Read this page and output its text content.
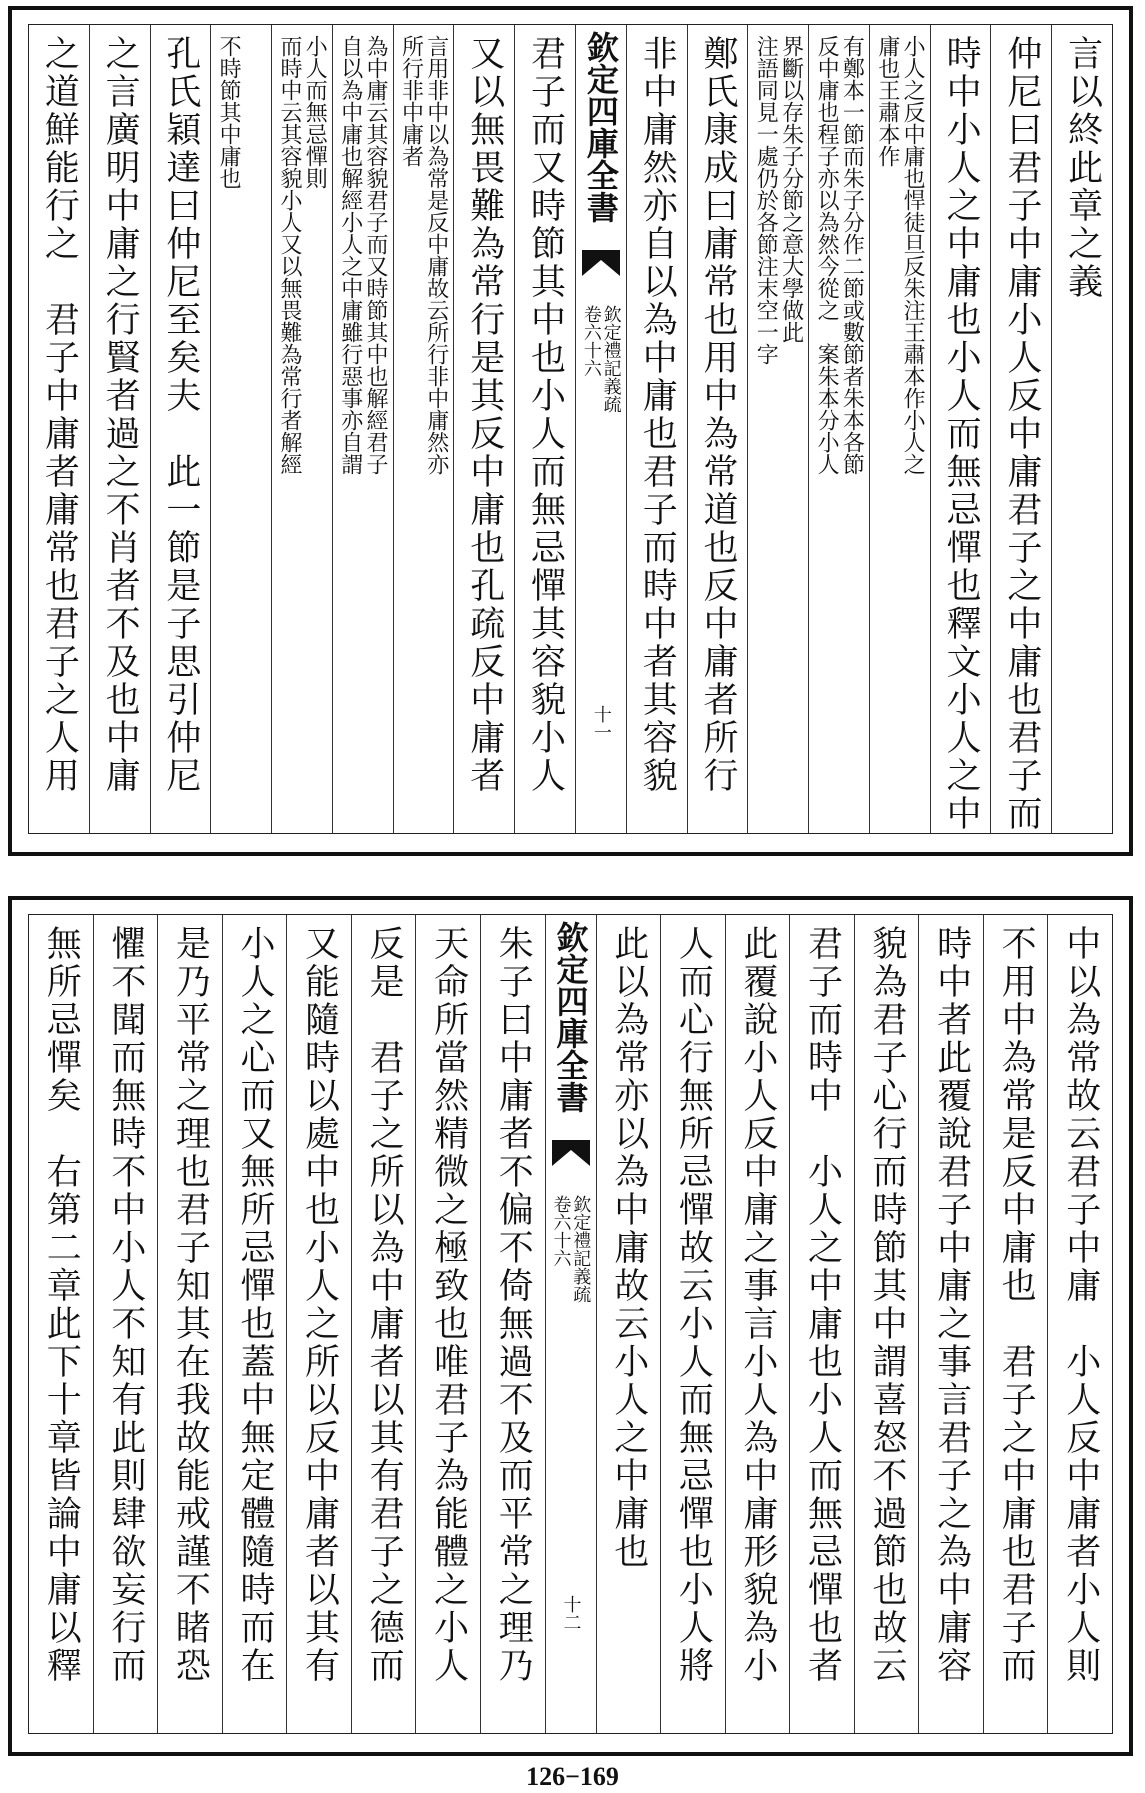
言以終此章之義
仲尼曰君子中庸小人反中庸君子之中庸也君子而
時中小人之中庸也小人而無忌憚也釋文小人之中
庸也王肅本作 小人之反中庸也悍徒旦反朱注王肅本作小人之
反中庸也程子亦以為然今從之　案朱本分小人 有鄭本一節而朱子分作二節或數節者朱本各節
注語同見一處仍於各節注末空一字 界斷以存朱子分節之意大學做此
鄭氏康成曰庸常也用中為常道也反中庸者所行
非中庸然亦自以為中庸也君子而時中者其容貌
欽定四庫全書
欽定禮記義疏
卷六十六
十一
君子而又時節其中也小人而無忌憚其容貌小人
又以無畏難為常行是其反中庸也孔疏反中庸者
所行非中庸者 言用非中以為常是反中庸故云所行非中庸然亦
自以為中庸也解經小人之中庸雖行惡事亦自謂 為中庸云其容貌君子而又時節其中也解經君子
而時中云其容貌小人又以無畏難為常行者解經 小人而無忌憚則
不時節其中庸也
孔氏穎達曰仲尼至矣夫　此一節是子思引仲尼
之言廣明中庸之行賢者過之不肖者不及也中庸
之道鮮能行之　君子中庸者庸常也君子之人用
中以為常故云君子中庸　小人反中庸者小人則
不用中為常是反中庸也　君子之中庸也君子而
時中者此覆說君子中庸之事言君子之為中庸容
貌為君子心行而時節其中謂喜怒不過節也故云
君子而時中　小人之中庸也小人而無忌憚也者
此覆說小人反中庸之事言小人為中庸形貌為小
人而心行無所忌憚故云小人而無忌憚也小人將
此以為常亦以為中庸故云小人之中庸也
欽定四庫全書
欽定禮記義疏
卷六十六
十二
朱子曰中庸者不偏不倚無過不及而平常之理乃
天命所當然精微之極致也唯君子為能體之小人
反是　君子之所以為中庸者以其有君子之德而
又能隨時以處中也小人之所以反中庸者以其有
小人之心而又無所忌憚也蓋中無定體隨時而在
是乃平常之理也君子知其在我故能戒謹不睹恐
懼不聞而無時不中小人不知有此則肆欲妄行而
無所忌憚矣　右第二章此下十章皆論中庸以釋
126−169
